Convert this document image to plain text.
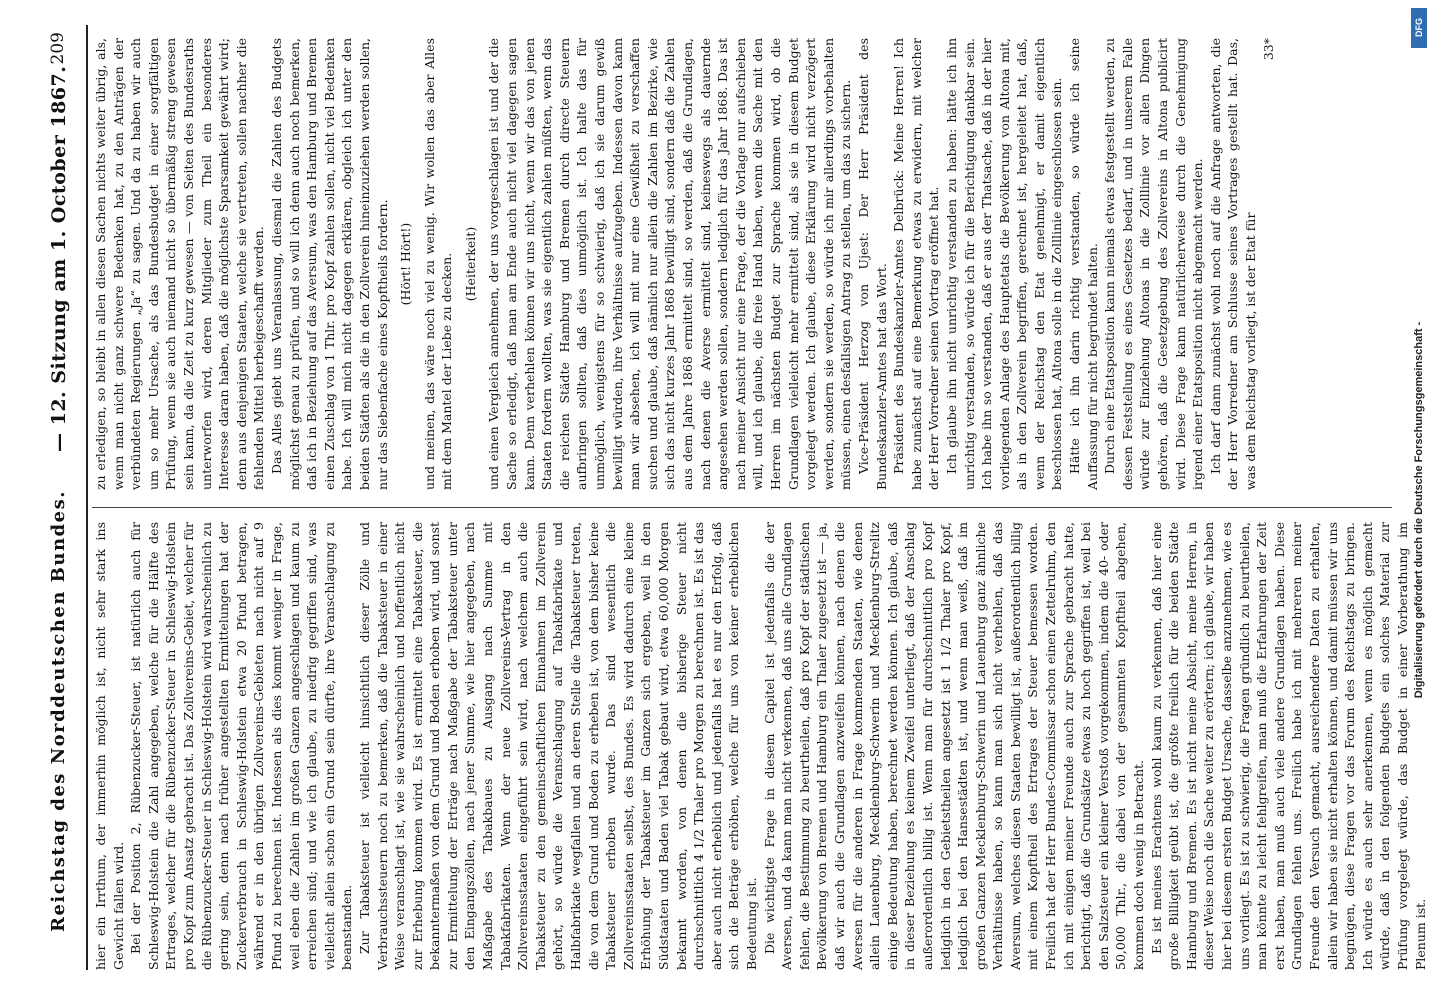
Reichstag des Norddeutschen Bundes.
— 12. Sitzung am 1. October 1867.
209

hier ein Irrthum, der immerhin möglich ist, nicht sehr stark ins Gewicht fallen wird. Bei der Position 2, Rübenzucker-Steuer, ist natürlich auch für Schleswig-Holstein die Zahl angegeben, welche für die Hälfte des Ertrages, welcher für die Rübenzucker-Steuer in Schleswig-Holstein pro Kopf zum Ansatz gebracht ist. Das Zollvereins-Gebiet, welcher für die Rübenzucker-Steuer in Schleswig-Holstein wird wahrscheinlich zu gering sein, denn nach früher angestellten Ermittelungen hat der Zuckerverbrauch in Schleswig-Holstein etwa 20 Pfund betragen, während er in den übrigen Zollvereins-Gebieten nach nicht auf 9 Pfund zu berechnen ist. Indessen als dies kommt weniger in Frage, weil eben die Zahlen im großen Ganzen angeschlagen und kaum zu erreichen sind; und wie ich glaube, zu niedrig gegriffen sind, was vielleicht allein schon ein Grund sein dürfte, ihre Veranschlagung zu beanstanden. Zur Tabaksteuer ist vielleicht hinsichtlich dieser Zölle und Verbrauchssteuern noch zu bemerken, daß die Tabaksteuer in einer Weise veranschlagt ist, wie sie wahrscheinlich und hoffentlich nicht zur Erhebung kommen wird. Es ist ermittelt eine Tabaksteuer, die bekanntermaßen von dem Grund und Boden erhoben wird, und sonst zur Ermittelung der Erträge nach Maßgabe der Tabaksteuer unter den Eingangszöllen, nach jener Summe, wie hier angegeben, nach Maßgabe des Tabakbaues zu Ausgang nach Summe mit Tabakfabrikaten. Wenn der neue Zollvereins-Vertrag in den Zollvereinsstaaten eingeführt sein wird, nach welchem auch die Tabaksteuer zu den gemeinschaftlichen Einnahmen im Zollverein gehört, so würde die Veranschlagung auf Tabakfabrikate und Halbfabrikate wegfallen und an deren Stelle die Tabaksteuer treten, die von dem Grund und Boden zu erheben ist, von dem bisher keine Tabaksteuer erhoben wurde. Das sind wesentlich die Zollvereinsstaaten selbst, des Bundes. Es wird dadurch eine kleine Erhöhung der Tabaksteuer im Ganzen sich ergeben, weil in den Südstaaten und Baden viel Tabak gebaut wird, etwa 60,000 Morgen bekannt worden, von denen die bisherige Steuer nicht durchschnittlich 4 1/2 Thaler pro Morgen zu berechnen ist. Es ist das aber auch nicht erheblich und jedenfalls hat es nur den Erfolg, daß sich die Beträge erhöhen, welche für uns von keiner erheblichen Bedeutung ist. Die wichtigste Frage in diesem Capitel ist jedenfalls die der Aversen, und da kann man nicht verkennen, daß uns alle Grundlagen fehlen, die Bestimmung zu beurtheilen, daß pro Kopf der städtischen Bevölkerung von Bremen und Hamburg ein Thaler zugesetzt ist — ja, daß wir auch die Grundlagen anzweifeln können, nach denen die Aversen für die anderen in Frage kommenden Staaten, wie denen allein Lauenburg, Mecklenburg-Schwerin und Mecklenburg-Strelitz einige Bedeutung haben, berechnet werden können. Ich glaube, daß in dieser Beziehung es keinem Zweifel unterliegt, daß der Anschlag außerordentlich billig ist. Wenn man für durchschnittlich pro Kopf lediglich in den Gebietstheilen angesetzt ist 1 1/2 Thaler pro Kopf, lediglich bei den Hansestädten ist, und wenn man weiß, daß im großen Ganzen Mecklenburg-Schwerin und Lauenburg ganz ähnliche Verhältnisse haben, so kann man sich nicht verhehlen, daß das Aversum, welches diesen Staaten bewilligt ist, außerordentlich billig mit einem Kopftheil des Ertrages der Steuer bemessen worden. Freilich hat der Herr Bundes-Commissar schon einen Zettelruhm, den ich mit einigen meiner Freunde auch zur Sprache gebracht hatte, berichtigt, daß die Grundsätze etwas zu hoch gegriffen ist, weil bei den Salzsteuer ein kleiner Verstoß vorgekommen, indem die 40- oder 50,000 Thlr., die dabei von der gesammten Kopftheil abgehen, kommen doch wenig in Betracht. Es ist meines Erachtens wohl kaum zu verkennen, daß hier eine große Billigkeit geübt ist, die größte freilich für die beiden Städte Hamburg und Bremen. Es ist nicht meine Absicht, meine Herren, in dieser Weise noch die Sache weiter zu erörtern; ich glaube, wir haben hier bei diesem ersten Budget Ursache, dasselbe anzunehmen, wie es uns vorliegt. Es ist zu schwierig, die Fragen gründlich zu beurtheilen, man könnte zu leicht fehlgreifen, man muß die Erfahrungen der Zeit erst haben, man muß auch viele andere Grundlagen haben. Diese Grundlagen fehlen uns. Freilich habe ich mit mehreren meiner Freunde den Versuch gemacht, ausreichendere Daten zu erhalten, allein wir haben sie nicht erhalten können, und damit müssen wir uns begnügen, diese Fragen vor das Forum des Reichstags zu bringen. Ich würde es auch sehr anerkennen, wenn es möglich gemacht würde, daß in den folgenden Budgets ein solches Material zur Prüfung vorgelegt würde, das Budget in einer Vorberathung im Plenum ist.

zu erledigen, so bleibt in allen diesen Sachen nichts weiter übrig, als, wenn man nicht ganz schwere Bedenken hat, zu den Anträgen der verbündeten Regierungen „Ja“ zu sagen. Und da zu haben wir auch um so mehr Ursache, als das Bundesbudget in einer sorgfältigen Prüfung, wenn sie auch niemand nicht so übermäßig streng gewesen sein kann, da die Zeit zu kurz gewesen — von Seiten des Bundesraths unterworfen wird, deren Mitglieder zum Theil ein besonderes Interesse daran haben, daß die möglichste Sparsamkeit gewährt wird; denn aus denjenigen Staaten, welche sie vertreten, sollen nachher die fehlenden Mittel herbeigeschafft werden. Das Alles giebt uns Veranlassung, diesmal die Zahlen des Budgets möglichst genau zu prüfen, und so will ich denn auch noch bemerken, daß ich in Beziehung auf das Aversum, was den Hamburg und Bremen einen Zuschlag von 1 Thlr. pro Kopf zahlen sollen, nicht viel Bedenken habe. Ich will mich nicht dagegen erklären, obgleich ich unter den beiden Städten als die in den Zollverein hineinzuziehen werden sollen, nur das Siebenfache eines Kopftheils fordern. (Hört! Hört!) und meinen, das wäre noch viel zu wenig. Wir wollen das aber Alles mit dem Mantel der Liebe zu decken. (Heiterkeit) und einen Vergleich annehmen, der uns vorgeschlagen ist und der die Sache so erledigt, daß man am Ende auch nicht viel dagegen sagen kann. Denn verhehlen können wir uns nicht, wenn wir das von jenen Staaten fordern wollten, was sie eigentlich zahlen müßten, wenn das die reichen Städte Hamburg und Bremen durch directe Steuern aufbringen sollten, daß dies unmöglich ist. Ich halte das für unmöglich, wenigstens für so schwierig, daß ich sie darum gewiß bewilligt würden, ihre Verhältnisse aufzugeben. Indessen davon kann man wir absehen, ich will mit nur eine Gewißheit zu verschaffen suchen und glaube, daß nämlich nur allein die Zahlen im Bezirke, wie sich das nicht kurzes Jahr 1868 bewilligt sind, sondern daß die Zahlen aus dem Jahre 1868 ermittelt sind, so werden, daß die Grundlagen, nach denen die Averse ermittelt sind, keineswegs als dauernde angesehen werden sollen, sondern lediglich für das Jahr 1868. Das ist nach meiner Ansicht nur eine Frage, der die Vorlage nur aufschieben will, und ich glaube, die freie Hand haben, wenn die Sache mit den Herren im nächsten Budget zur Sprache kommen wird, ob die Grundlagen vielleicht mehr ermittelt sind, als sie in diesem Budget vorgelegt werden. Ich glaube, diese Erklärung wird nicht verzögert werden, sondern sie werden, so würde ich mir allerdings vorbehalten müssen, einen desfallsigen Antrag zu stellen, um das zu sichern. Vice-Präsident Herzog von Ujest: Der Herr Präsident des Bundeskanzler-Amtes hat das Wort. Präsident des Bundeskanzler-Amtes Delbrück: Meine Herren! Ich habe zunächst auf eine Bemerkung etwas zu erwidern, mit welcher der Herr Vorredner seinen Vortrag eröffnet hat. Ich glaube ihn nicht unrichtig verstanden zu haben: hätte ich ihn unrichtig verstanden, so würde ich für die Berichtigung dankbar sein. Ich habe ihn so verstanden, daß er aus der Thatsache, daß in der hier vorliegenden Anlage des Hauptetats die Bevölkerung von Altona mit, als in den Zollverein begriffen, gerechnet ist, hergeleitet hat, daß, wenn der Reichstag den Etat genehmigt, er damit eigentlich beschlossen hat, Altona solle in die Zolllinie eingeschlossen sein. Hätte ich ihn darin richtig verstanden, so würde ich seine Auffassung für nicht begründet halten. Durch eine Etatsposition kann niemals etwas festgestellt werden, zu dessen Feststellung es eines Gesetzes bedarf, und in unserem Falle würde zur Einziehung Altonas in die Zolllinie vor allen Dingen gehören, daß die Gesetzgebung des Zollvereins in Altona publicirt wird. Diese Frage kann natürlicherweise durch die Genehmigung irgend einer Etatsposition nicht abgemacht werden. Ich darf dann zunächst wohl noch auf die Anfrage antworten, die der Herr Vorredner am Schlusse seines Vortrages gestellt hat. Das, was dem Reichstag vorliegt, ist der Etat für

33*

DFG
Digitalisierung gefördert durch die Deutsche Forschungsgemeinschaft -
